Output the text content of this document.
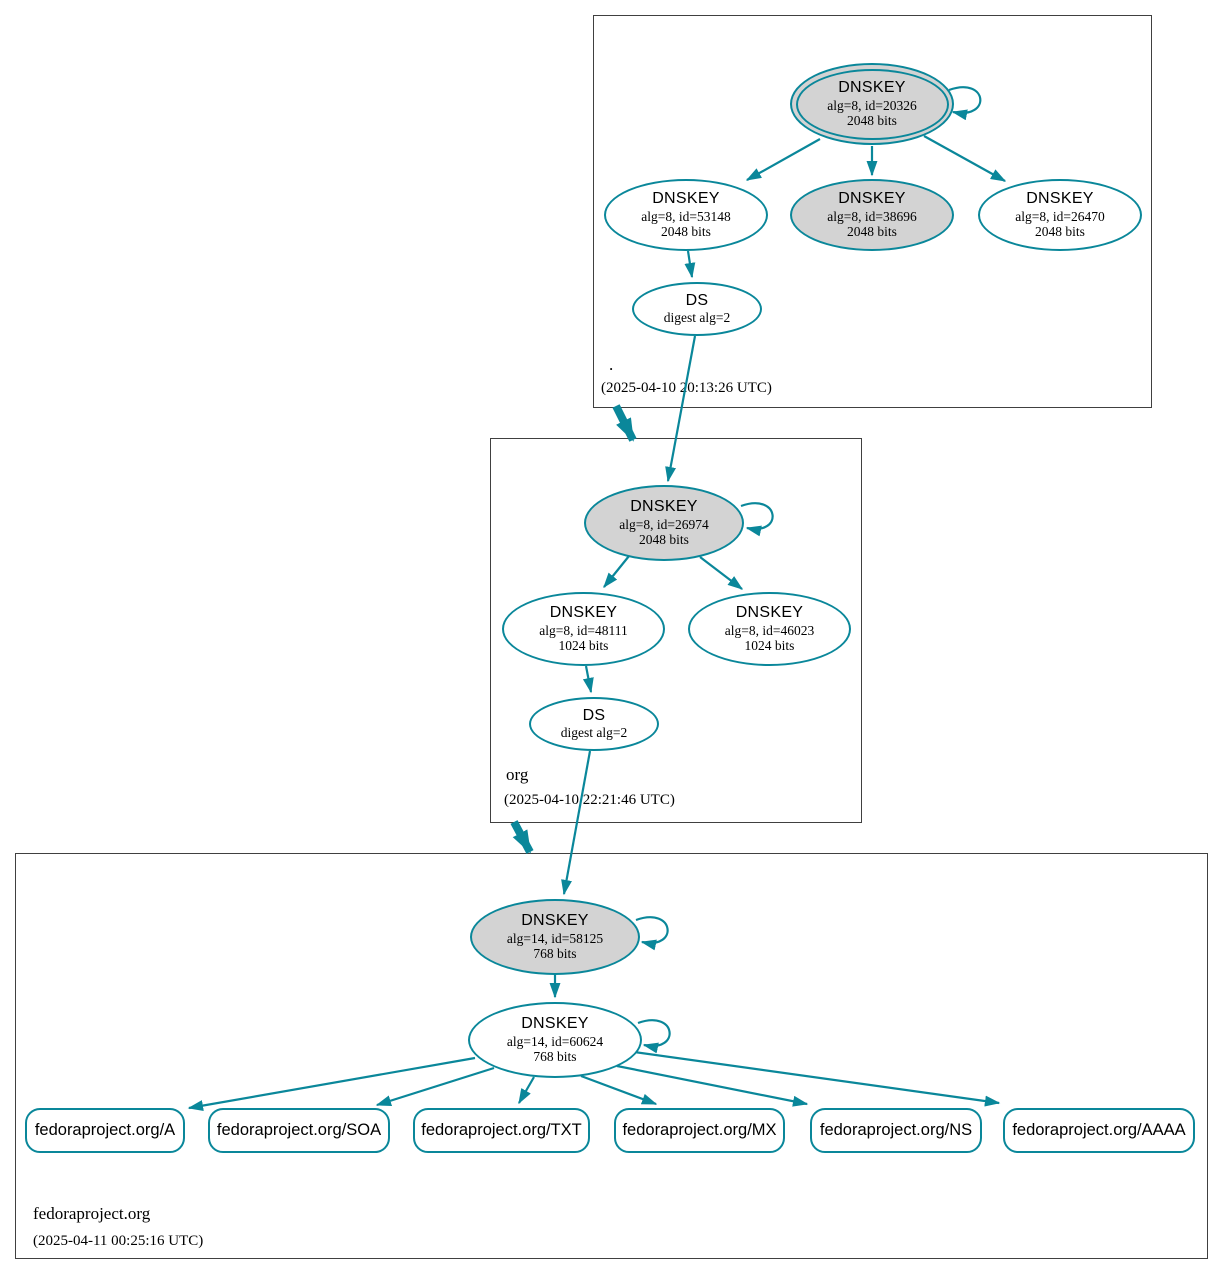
.
(2025-04-10 20:13:26 UTC)
org
(2025-04-10 22:21:46 UTC)
fedoraproject.org
(2025-04-11 00:25:16 UTC)
DNSKEY
alg=8, id=20326
2048 bits
DNSKEY
alg=8, id=53148
2048 bits
DNSKEY
alg=8, id=38696
2048 bits
DNSKEY
alg=8, id=26470
2048 bits
DS
digest alg=2
DNSKEY
alg=8, id=26974
2048 bits
DNSKEY
alg=8, id=48111
1024 bits
DNSKEY
alg=8, id=46023
1024 bits
DS
digest alg=2
DNSKEY
alg=14, id=58125
768 bits
DNSKEY
alg=14, id=60624
768 bits
fedoraproject.org/A	fedoraproject.org/SOA fedoraproject.org/TXT fedoraproject.org/MX	fedoraproject.org/NS fedoraproject.org/AAAA
